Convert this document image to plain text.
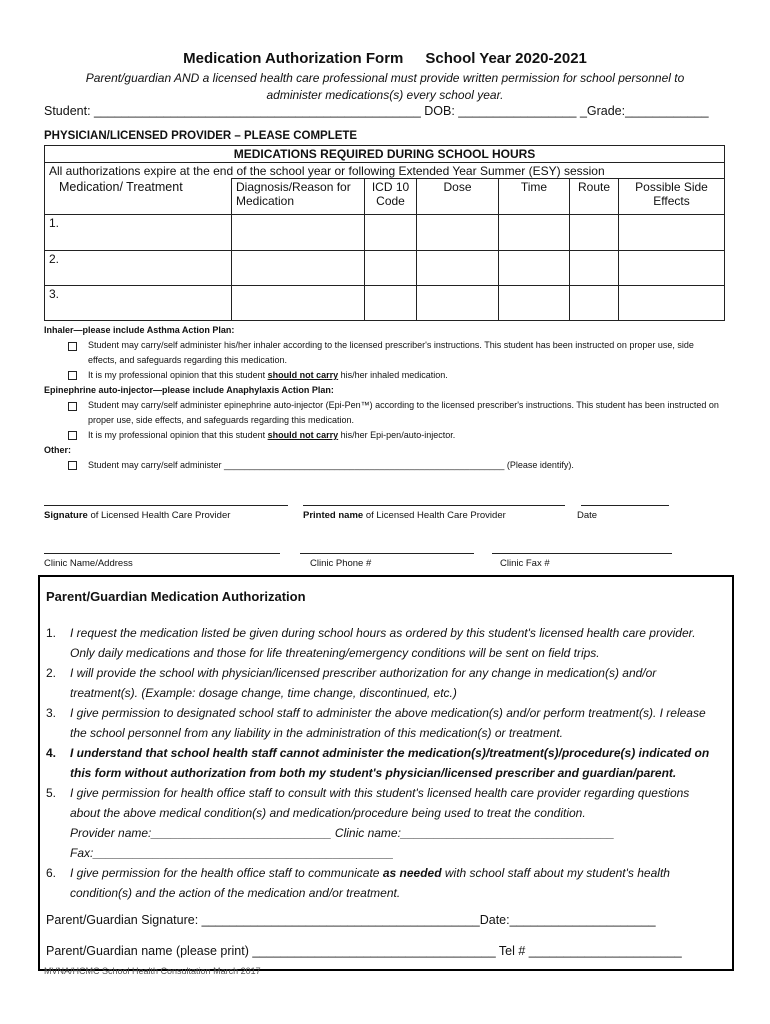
Medication Authorization Form School Year 2020-2021
Parent/guardian AND a licensed health care professional must provide written permission for school personnel to administer medications(s) every school year.
Student: _______________________________________________ DOB: _________________ _Grade:____________
PHYSICIAN/LICENSED PROVIDER – PLEASE COMPLETE
MEDICATIONS REQUIRED DURING SCHOOL HOURS						
All authorizations expire at the end of the school year or following Extended Year Summer (ESY) session						
Medication/ Treatment	Diagnosis/Reason for Medication	ICD 10 Code	Dose	Time	Route	Possible Side Effects
1.						
2.						
3.						
Inhaler—please include Asthma Action Plan:
Student may carry/self administer his/her inhaler according to the licensed prescriber's instructions. This student has been instructed on proper use, side effects, and safeguards regarding this medication.
It is my professional opinion that this student should not carry his/her inhaled medication.
Epinephrine auto-injector—please include Anaphylaxis Action Plan:
Student may carry/self administer epinephrine auto-injector (Epi-Pen™) according to the licensed prescriber's instructions. This student has been instructed on proper use, side effects, and safeguards regarding this medication.
It is my professional opinion that this student should not carry his/her Epi-pen/auto-injector.
Other:
Student may carry/self administer ________________________________________________________ (Please identify).
Signature of Licensed Health Care Provider	Printed name of Licensed Health Care Provider	Date
Clinic Name/Address	Clinic Phone #	Clinic Fax #
Parent/Guardian Medication Authorization
1.	I request the medication listed be given during school hours as ordered by this student's licensed health care provider. Only daily medications and those for life threatening/emergency conditions will be sent on field trips.
2.	I will provide the school with physician/licensed prescriber authorization for any change in medication(s) and/or treatment(s). (Example: dosage change, time change, discontinued, etc.)
3.	I give permission to designated school staff to administer the above medication(s) and/or perform treatment(s). I release the school personnel from any liability in the administration of this medication(s) or treatment.
4.	I understand that school health staff cannot administer the medication(s)/treatment(s)/procedure(s) indicated on this form without authorization from both my student's physician/licensed prescriber and guardian/parent.
5.	I give permission for health office staff to consult with this student's licensed health care provider regarding questions about the above medical condition(s) and medication/procedure being used to treat the condition.
Provider name:___________________________ Clinic name:________________________________
Fax:_____________________________________________
6.	I give permission for the health office staff to communicate as needed with school staff about my student's health condition(s) and the action of the medication and/or treatment.
Parent/Guardian Signature: ________________________________________Date:_____________________
Parent/Guardian name (please print) ___________________________________ Tel # ______________________
MVNA/HCMC School Health Consultation March 2017
